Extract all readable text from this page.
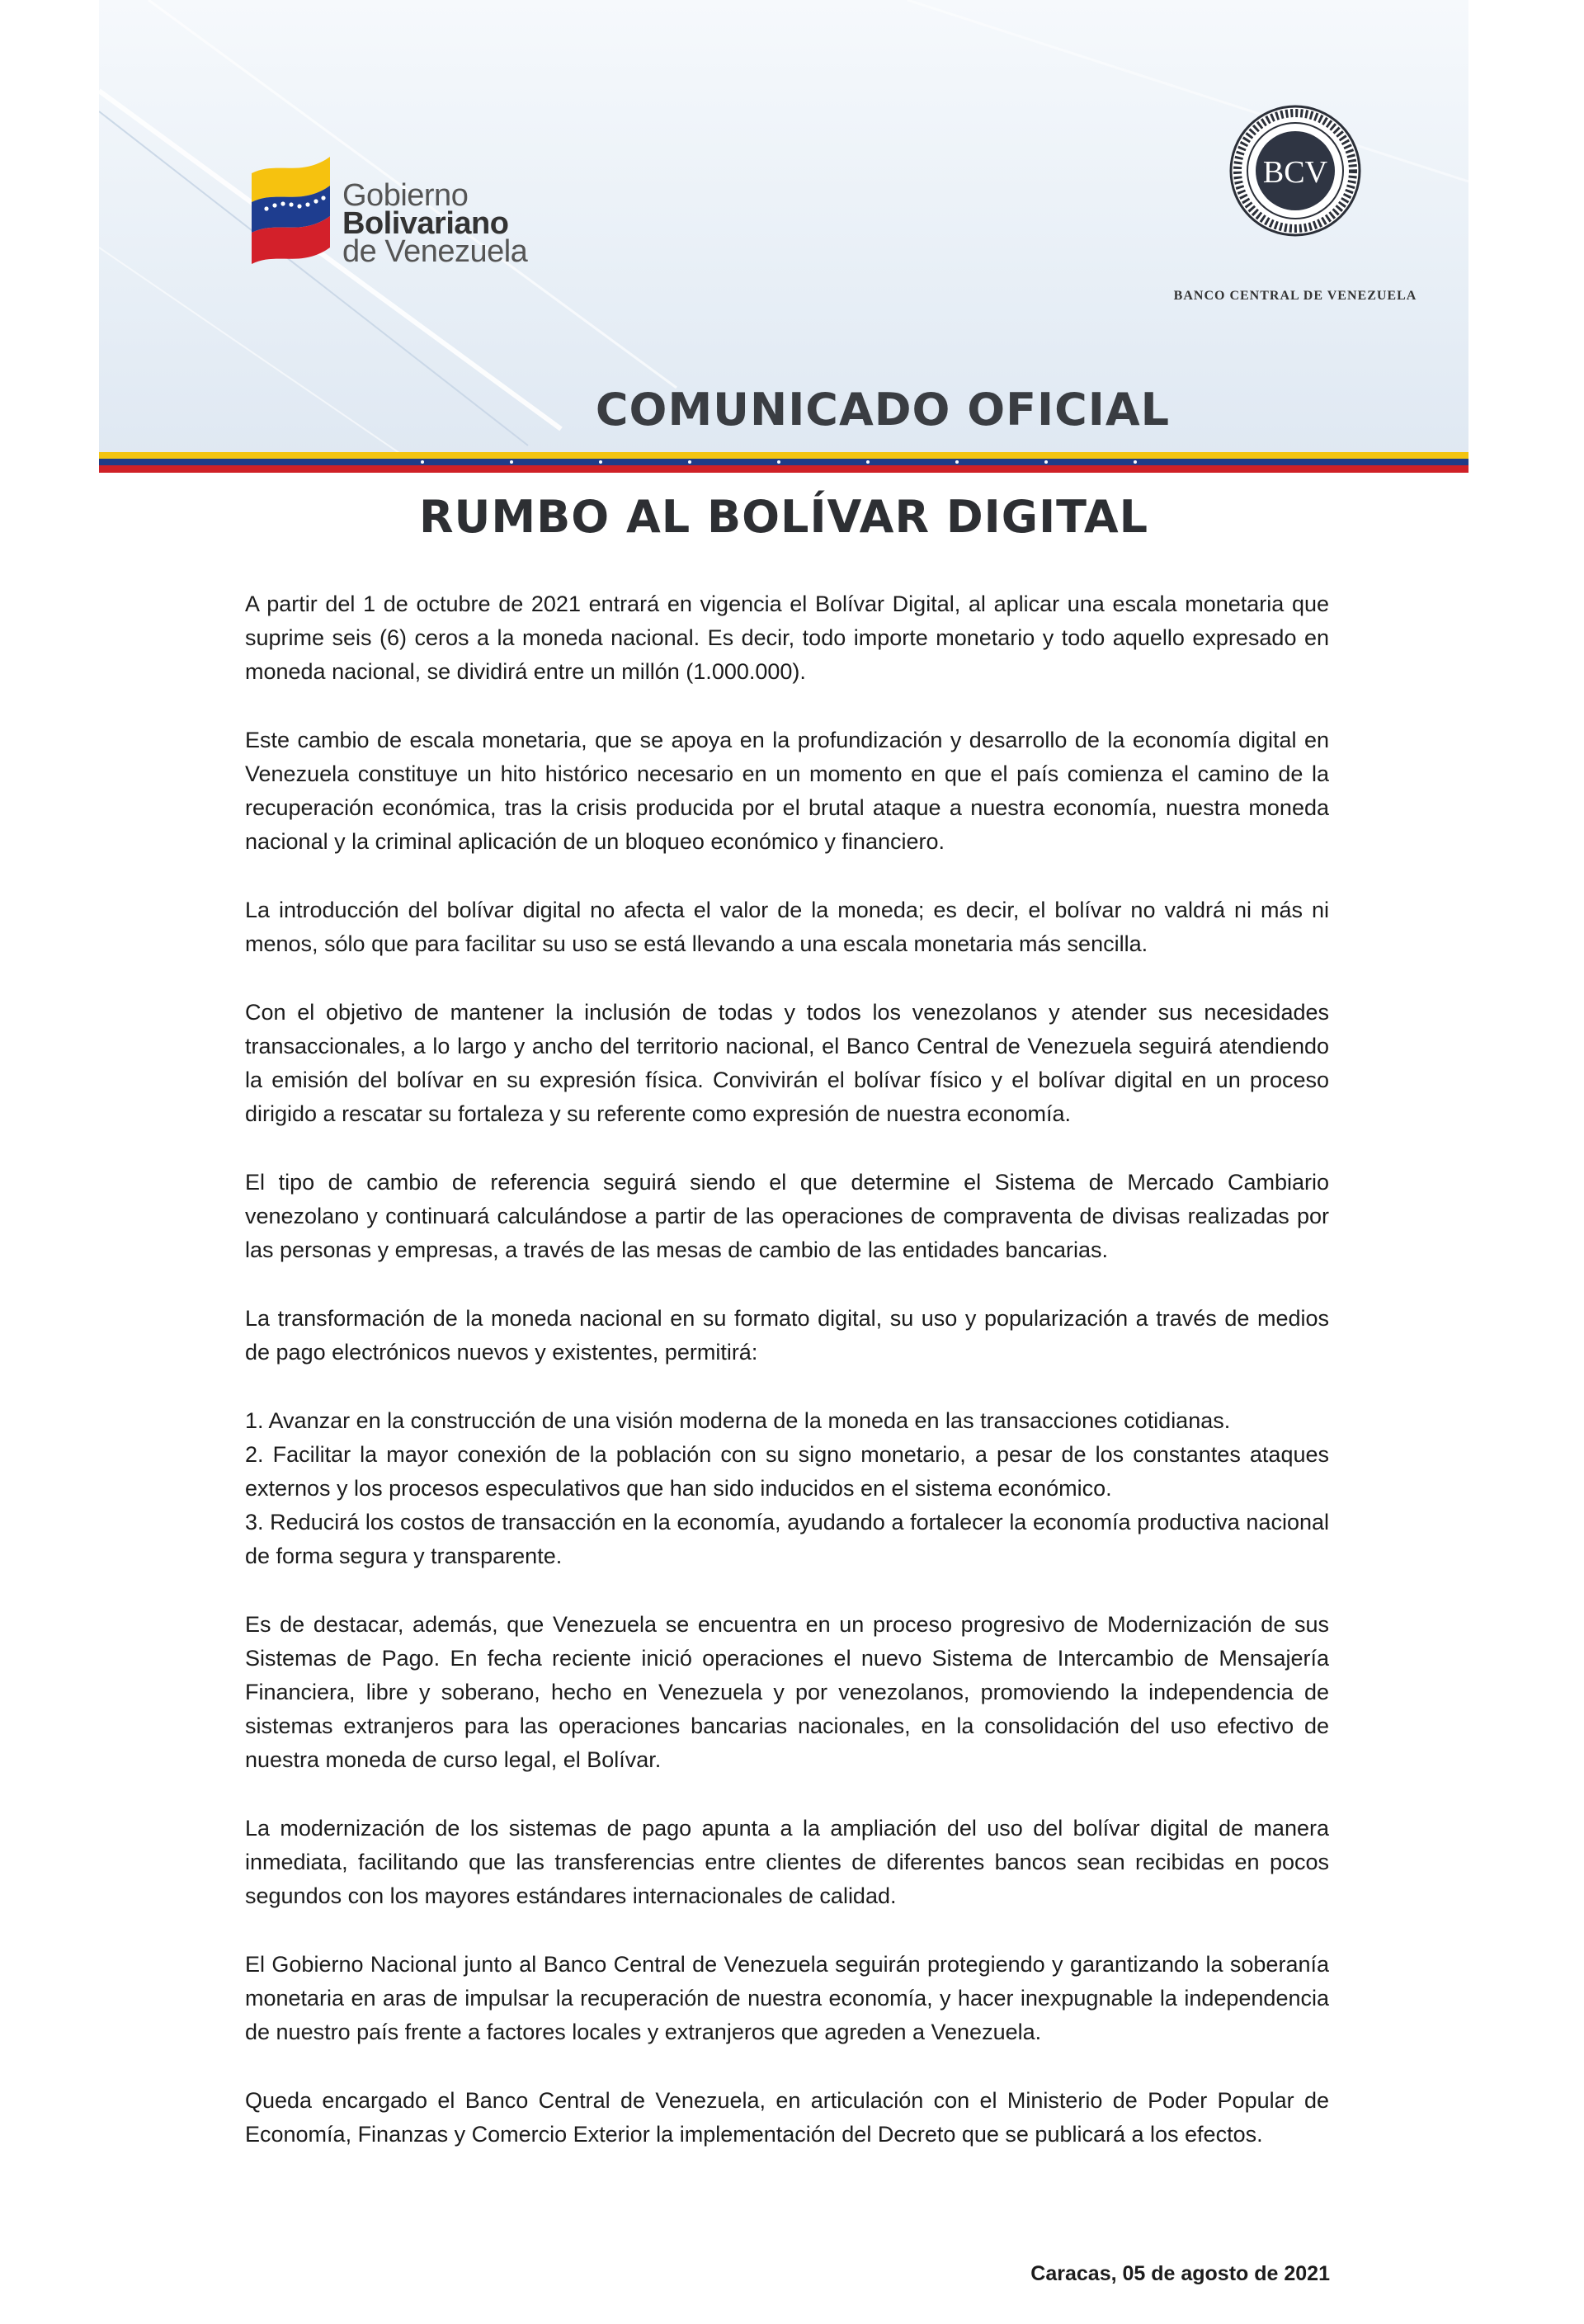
Gobierno
Bolivariano
de Venezuela
BCV
BANCO CENTRAL DE VENEZUELA
COMUNICADO OFICIAL
RUMBO AL BOLÍVAR DIGITAL

A partir del 1 de octubre de 2021 entrará en vigencia el Bolívar Digital, al aplicar una escala monetaria que suprime seis (6) ceros a la moneda nacional. Es decir, todo importe monetario y todo aquello expresado en moneda nacional, se dividirá entre un millón (1.000.000).

Este cambio de escala monetaria, que se apoya en la profundización y desarrollo de la economía digital en Venezuela constituye un hito histórico necesario en un momento en que el país comienza el camino de la recuperación económica, tras la crisis producida por el brutal ataque a nuestra economía, nuestra moneda nacional y la criminal aplicación de un bloqueo económico y financiero.

La introducción del bolívar digital no afecta el valor de la moneda; es decir, el bolívar no valdrá ni más ni menos, sólo que para facilitar su uso se está llevando a una escala monetaria más sencilla.

Con el objetivo de mantener la inclusión de todas y todos los venezolanos y atender sus necesidades transaccionales, a lo largo y ancho del territorio nacional, el Banco Central de Venezuela seguirá atendiendo la emisión del bolívar en su expresión física. Convivirán el bolívar físico y el bolívar digital en un proceso dirigido a rescatar su fortaleza y su referente como expresión de nuestra economía.

El tipo de cambio de referencia seguirá siendo el que determine el Sistema de Mercado Cambiario venezolano y continuará calculándose a partir de las operaciones de compraventa de divisas realizadas por las personas y empresas, a través de las mesas de cambio de las entidades bancarias.

La transformación de la moneda nacional en su formato digital, su uso y popularización a través de medios de pago electrónicos nuevos y existentes, permitirá:

1. Avanzar en la construcción de una visión moderna de la moneda en las transacciones cotidianas.

2. Facilitar la mayor conexión de la población con su signo monetario, a pesar de los constantes ataques externos y los procesos especulativos que han sido inducidos en el sistema económico.

3. Reducirá los costos de transacción en la economía, ayudando a fortalecer la economía productiva nacional de forma segura y transparente.

Es de destacar, además, que Venezuela se encuentra en un proceso progresivo de Modernización de sus Sistemas de Pago. En fecha reciente inició operaciones el nuevo Sistema de Intercambio de Mensajería Financiera, libre y soberano, hecho en Venezuela y por venezolanos, promoviendo la independencia de sistemas extranjeros para las operaciones bancarias nacionales, en la consolidación del uso efectivo de nuestra moneda de curso legal, el Bolívar.

La modernización de los sistemas de pago apunta a la ampliación del uso del bolívar digital de manera inmediata, facilitando que las transferencias entre clientes de diferentes bancos sean recibidas en pocos segundos con los mayores estándares internacionales de calidad.

El Gobierno Nacional junto al Banco Central de Venezuela seguirán protegiendo y garantizando la soberanía monetaria en aras de impulsar la recuperación de nuestra economía, y hacer inexpugnable la independencia de nuestro país frente a factores locales y extranjeros que agreden a Venezuela.

Queda encargado el Banco Central de Venezuela, en articulación con el Ministerio de Poder Popular de Economía, Finanzas y Comercio Exterior la implementación del Decreto que se publicará a los efectos.

Caracas, 05 de agosto de 2021
